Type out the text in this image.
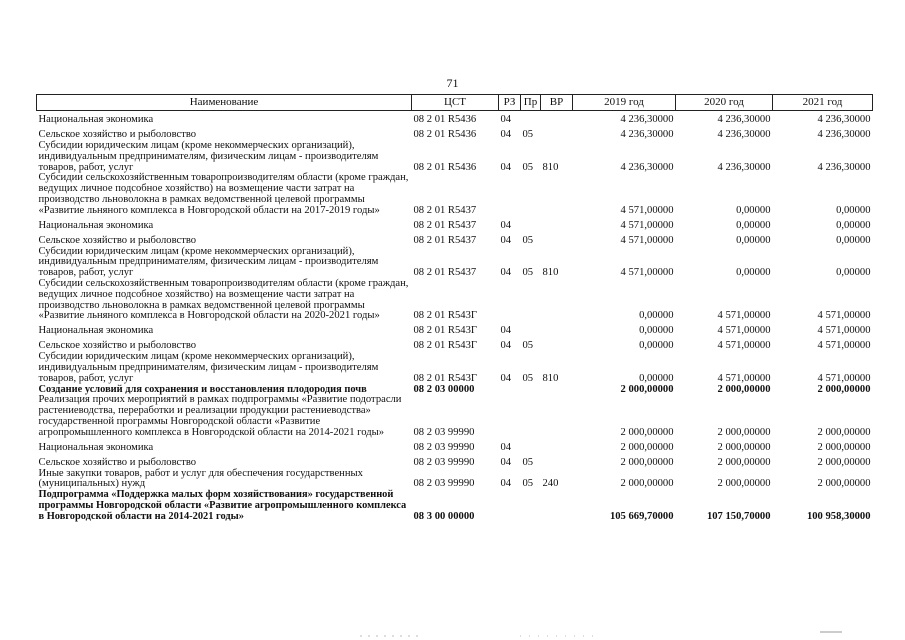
71
Наименование	ЦСТ	РЗ	Пр	ВР	2019 год	2020 год	2021 год
Национальная экономика	08 2 01 R5436	04			4 236,30000	4 236,30000	4 236,30000
Сельское хозяйство и рыболовство	08 2 01 R5436	04	05		4 236,30000	4 236,30000	4 236,30000
Субсидии юридическим лицам (кроме некоммерческих организаций), индивидуальным предпринимателям, физическим лицам - производителям товаров, работ, услуг	08 2 01 R5436	04	05	810	4 236,30000	4 236,30000	4 236,30000
Субсидии сельскохозяйственным товаропроизводителям области (кроме граждан, ведущих личное подсобное хозяйство) на возмещение части затрат на производство льноволокна в рамках ведомственной целевой программы «Развитие льняного комплекса в Новгородской области на 2017-2019 годы»	08 2 01 R5437				4 571,00000	0,00000	0,00000
Национальная экономика	08 2 01 R5437	04			4 571,00000	0,00000	0,00000
Сельское хозяйство и рыболовство	08 2 01 R5437	04	05		4 571,00000	0,00000	0,00000
Субсидии юридическим лицам (кроме некоммерческих организаций), индивидуальным предпринимателям, физическим лицам - производителям товаров, работ, услуг	08 2 01 R5437	04	05	810	4 571,00000	0,00000	0,00000
Субсидии сельскохозяйственным товаропроизводителям области (кроме граждан, ведущих личное подсобное хозяйство) на возмещение части затрат на производство льноволокна в рамках ведомственной целевой программы «Развитие льняного комплекса в Новгородской области на 2020-2021 годы»	08 2 01 R543Г				0,00000	4 571,00000	4 571,00000
Национальная экономика	08 2 01 R543Г	04			0,00000	4 571,00000	4 571,00000
Сельское хозяйство и рыболовство	08 2 01 R543Г	04	05		0,00000	4 571,00000	4 571,00000
Субсидии юридическим лицам (кроме некоммерческих организаций), индивидуальным предпринимателям, физическим лицам - производителям товаров, работ, услуг	08 2 01 R543Г	04	05	810	0,00000	4 571,00000	4 571,00000
Создание условий для сохранения и восстановления плодородия почв	08 2 03 00000				2 000,00000	2 000,00000	2 000,00000
Реализация прочих мероприятий в рамках подпрограммы «Развитие подотрасли растениеводства, переработки и реализации продукции растениеводства» государственной программы Новгородской области «Развитие агропромышленного комплекса в Новгородской области на 2014-2021 годы»	08 2 03 99990				2 000,00000	2 000,00000	2 000,00000
Национальная экономика	08 2 03 99990	04			2 000,00000	2 000,00000	2 000,00000
Сельское хозяйство и рыболовство	08 2 03 99990	04	05		2 000,00000	2 000,00000	2 000,00000
Иные закупки товаров, работ и услуг для обеспечения государственных (муниципальных) нужд	08 2 03 99990	04	05	240	2 000,00000	2 000,00000	2 000,00000
Подпрограмма «Поддержка малых форм хозяйствования» государственной программы Новгородской области «Развитие агропромышленного комплекса в Новгородской области на 2014-2021 годы»	08 3 00 00000				105 669,70000	107 150,70000	100 958,30000
